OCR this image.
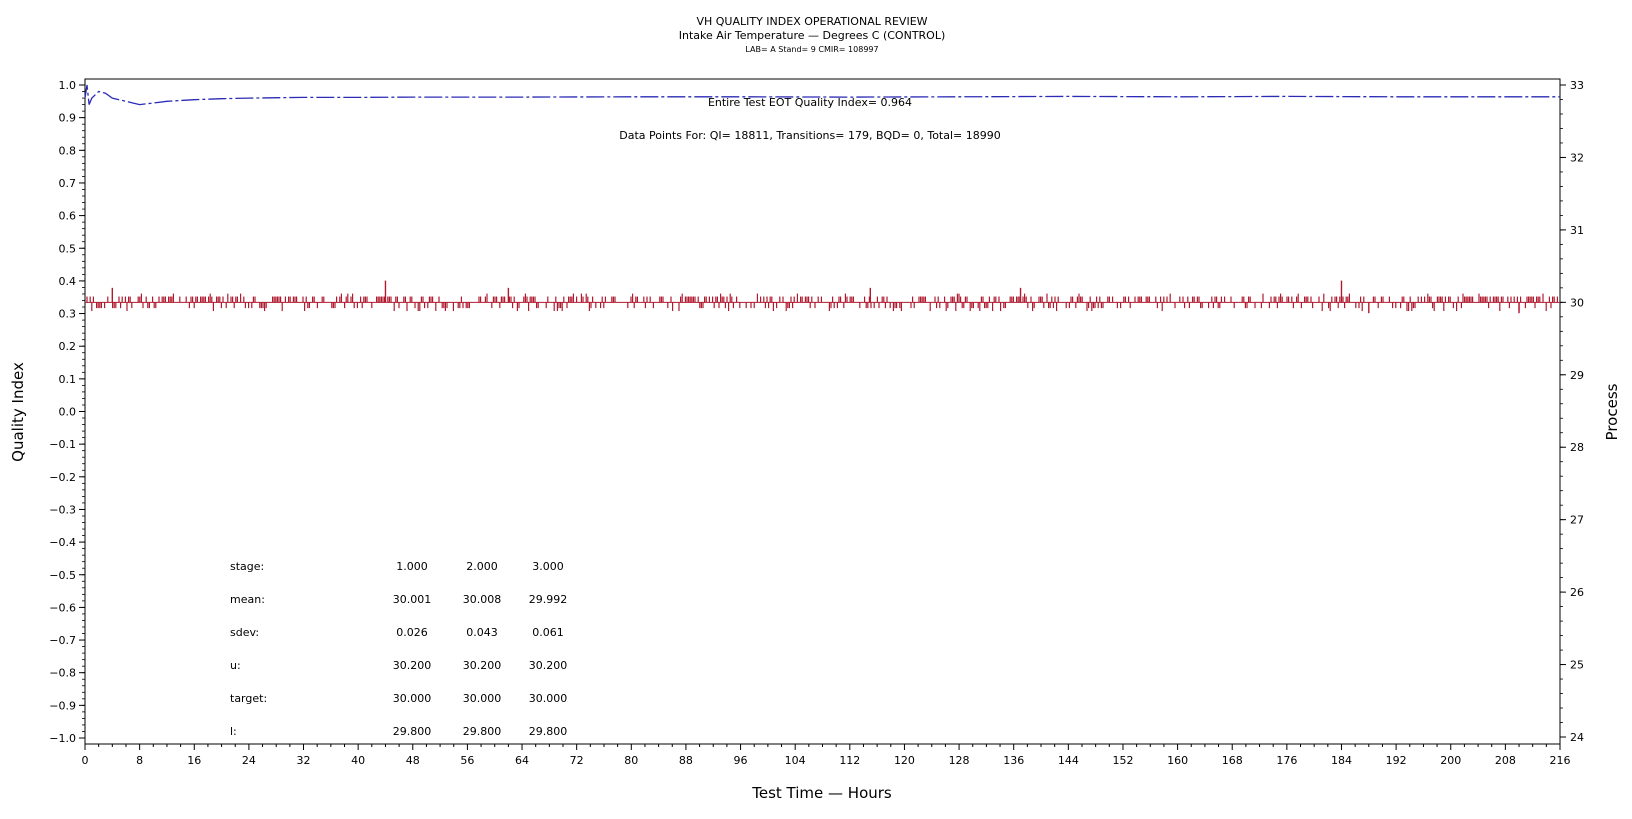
VH QUALITY INDEX OPERATIONAL REVIEW
Intake Air Temperature — Degrees C (CONTROL)
LAB= A Stand= 9 CMIR= 108997
0	8	16	24	32	40	48	56	64	72	80	88	96	104	112	120	128	136	144	152	160	168	176	184	192	200	208	216
1.0
0.9
0.8
0.7
0.6
0.5
0.4
0.3
0.2
0.1
0.0
−0.1
−0.2
−0.3
−0.4
−0.5
−0.6
−0.7
−0.8
−0.9
−1.0
33
32
31
30
29
28
27
26
25
24
Entire Test EOT Quality Index= 0.964
Data Points For: QI= 18811, Transitions= 179, BQD= 0, Total= 18990
stage:	1.000	2.000	3.000
mean:	30.001	30.008	29.992
sdev:	0.026	0.043	0.061
u:	30.200	30.200	30.200
target:	30.000	30.000	30.000
l:	29.800	29.800	29.800
Test Time — Hours
Quality Index	Process
